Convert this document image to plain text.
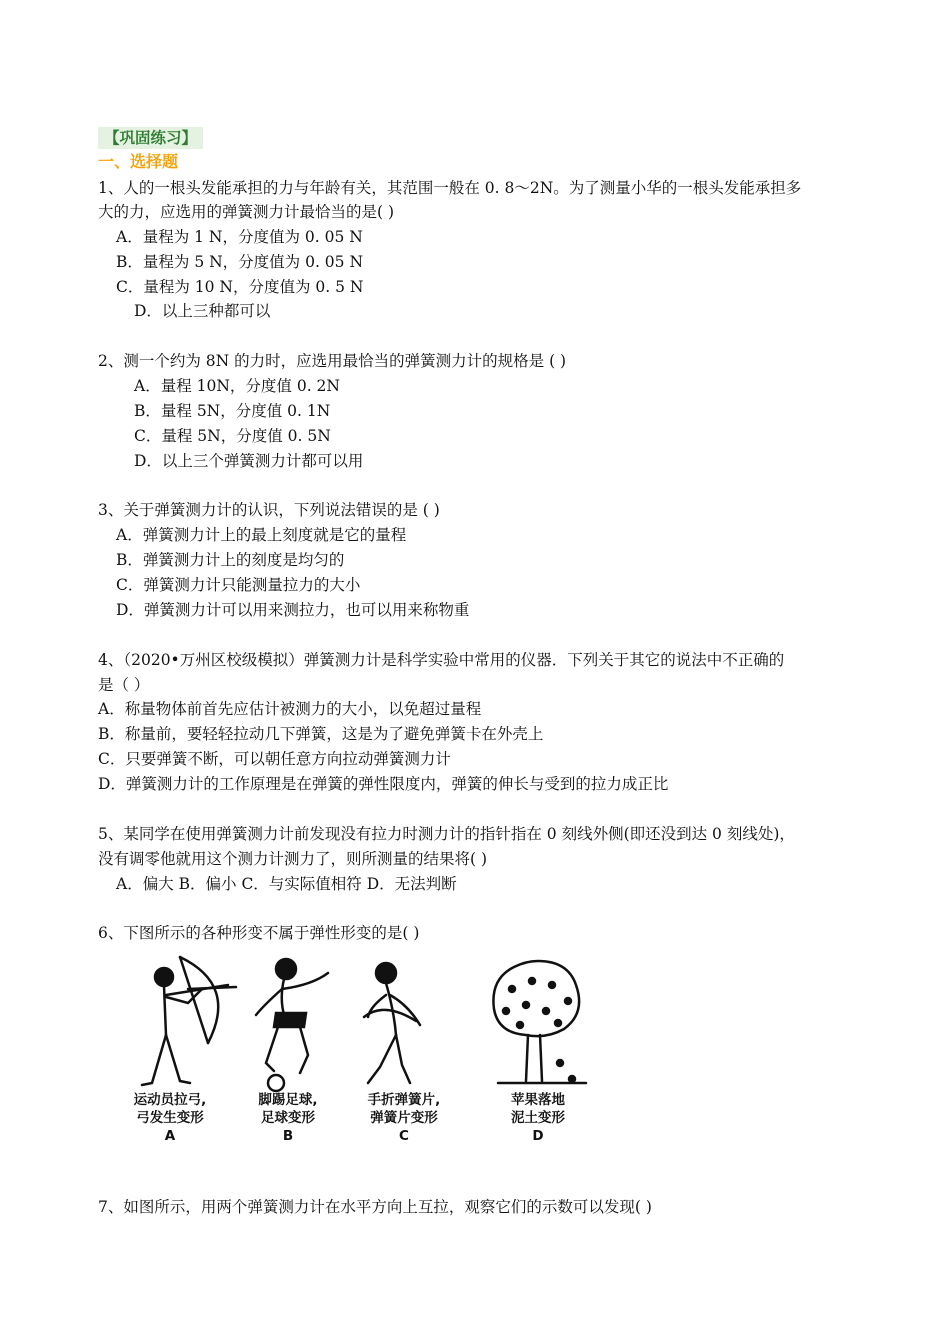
【巩固练习】
一、选择题
1、人的一根头发能承担的力与年龄有关，其范围一般在 0. 8～2N。为了测量小华的一根头发能承担多
大的力，应选用的弹簧测力计最恰当的是( )
A．量程为 1 N，分度值为 0. 05 N
B．量程为 5 N，分度值为 0. 05 N
C．量程为 10 N，分度值为 0. 5 N
D．以上三种都可以
2、测一个约为 8N 的力时，应选用最恰当的弹簧测力计的规格是 ( )
A．量程 10N，分度值 0. 2N
B．量程 5N，分度值 0. 1N
C．量程 5N，分度值 0. 5N
D．以上三个弹簧测力计都可以用
3、关于弹簧测力计的认识，下列说法错误的是 ( )
A．弹簧测力计上的最上刻度就是它的量程
B．弹簧测力计上的刻度是均匀的
C．弹簧测力计只能测量拉力的大小
D．弹簧测力计可以用来测拉力，也可以用来称物重
4、（2020•万州区校级模拟）弹簧测力计是科学实验中常用的仪器．下列关于其它的说法中不正确的
是（ ）
A．称量物体前首先应估计被测力的大小，以免超过量程
B．称量前，要轻轻拉动几下弹簧，这是为了避免弹簧卡在外壳上
C．只要弹簧不断，可以朝任意方向拉动弹簧测力计
D．弹簧测力计的工作原理是在弹簧的弹性限度内，弹簧的伸长与受到的拉力成正比
5、某同学在使用弹簧测力计前发现没有拉力时测力计的指针指在 0 刻线外侧(即还没到达 0 刻线处)，
没有调零他就用这个测力计测力了，则所测量的结果将( )
A．偏大 B．偏小 C．与实际值相符 D．无法判断
6、下图所示的各种形变不属于弹性形变的是( )
运动员拉弓,
弓发生变形
A
脚踢足球,
足球变形
B
手折弹簧片,
弹簧片变形
C
苹果落地
泥土变形
D
7、如图所示，用两个弹簧测力计在水平方向上互拉，观察它们的示数可以发现( )
